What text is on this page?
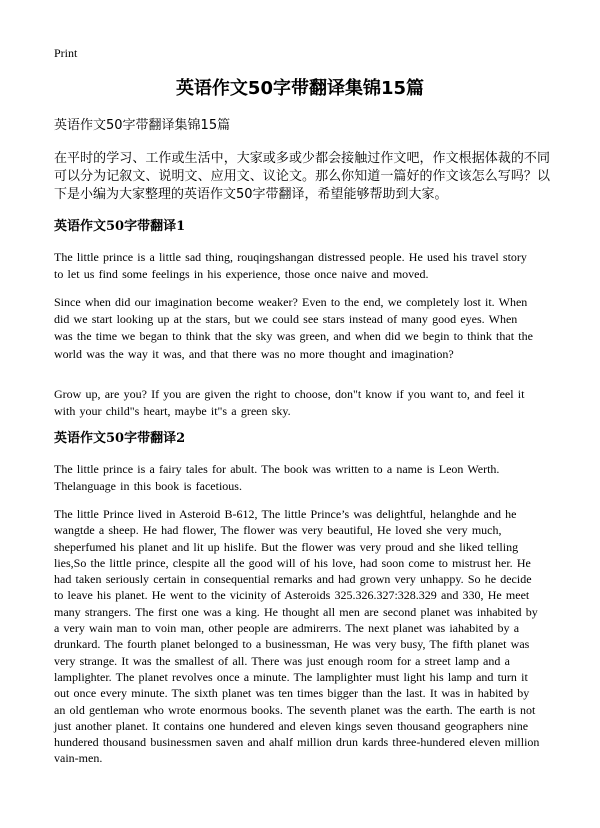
Print
英语作文50字带翻译集锦15篇
英语作文50字带翻译集锦15篇

在平时的学习、工作或生活中，大家或多或少都会接触过作文吧，作文根据体裁的不同可以分为记叙文、说明文、应用文、议论文。那么你知道一篇好的作文该怎么写吗？以下是小编为大家整理的英语作文50字带翻译，希望能够帮助到大家。

英语作文50字带翻译1

The little prince is a little sad thing, rouqingshangan distressed people. He used his travel story to let us find some feelings in his experience, those once naive and moved.

Since when did our imagination become weaker? Even to the end, we completely lost it. When did we start looking up at the stars, but we could see stars instead of many good eyes. When was the time we began to think that the sky was green, and when did we begin to think that the world was the way it was, and that there was no more thought and imagination?

Grow up, are you? If you are given the right to choose, don"t know if you want to, and feel it with your child"s heart, maybe it"s a green sky.

英语作文50字带翻译2

The little prince is a fairy tales for abult. The book was written to a name is Leon Werth. Thelanguage in this book is facetious.

The little Prince lived in Asteroid B-612, The little Prince’s was delightful, helanghde and he wangtde a sheep. He had flower, The flower was very beautiful, He loved she very much, sheperfumed his planet and lit up hislife. But the flower was very proud and she liked telling lies,So the little prince, clespite all the good will of his love, had soon come to mistrust her. He had taken seriously certain in consequential remarks and had grown very unhappy. So he decide to leave his planet. He went to the vicinity of Asteroids 325.326.327:328.329 and 330, He meet many strangers. The first one was a king. He thought all men are second planet was inhabited by a very wain man to voin man, other people are admirerrs. The next planet was iahabited by a drunkard. The fourth planet belonged to a businessman, He was very busy, The fifth planet was very strange. It was the smallest of all. There was just enough room for a street lamp and a lamplighter. The planet revolves once a minute. The lamplighter must light his lamp and turn it out once every minute. The sixth planet was ten times bigger than the last. It was in habited by an old gentleman who wrote enormous books. The seventh planet was the earth. The earth is not just another planet. It contains one hundered and eleven kings seven thousand geographers nine hundered thousand businessmen saven and ahalf million drun kards three-hundered eleven million vain-men.
